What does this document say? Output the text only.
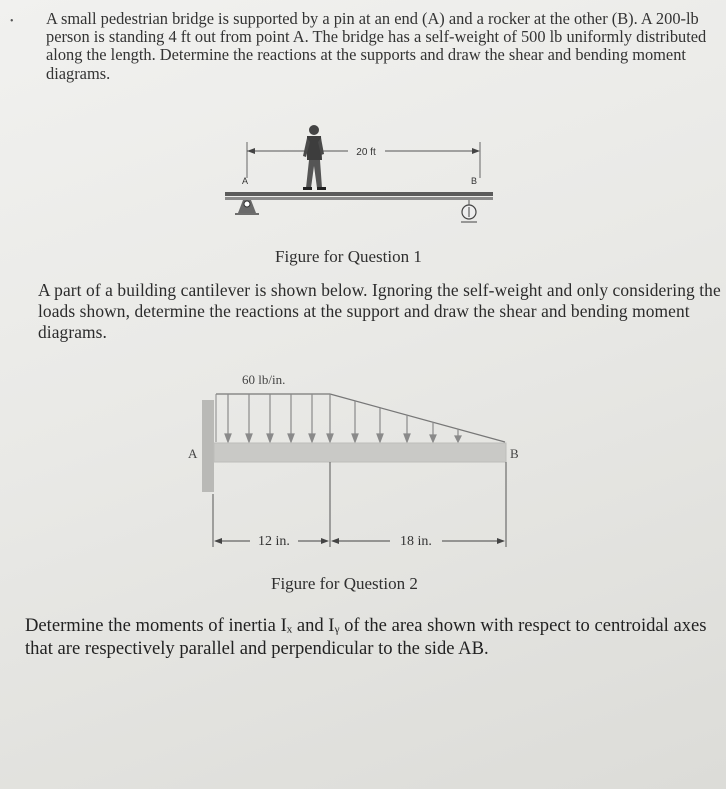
• A small pedestrian bridge is supported by a pin at an end (A) and a rocker at the other (B). A 200-lb person is standing 4 ft out from point A. The bridge has a self-weight of 500 lb uniformly distributed along the length. Determine the reactions at the supports and draw the shear and bending moment diagrams.

20 ft
A	B
Figure for Question 1

A part of a building cantilever is shown below. Ignoring the self-weight and only considering the loads shown, determine the reactions at the support and draw the shear and bending moment diagrams.

60 lb/in.
A	B
12 in.	18 in.
Figure for Question 2

Determine the moments of inertia Iₓ and Iᵧ of the area shown with respect to centroidal axes that are respectively parallel and perpendicular to the side AB.
